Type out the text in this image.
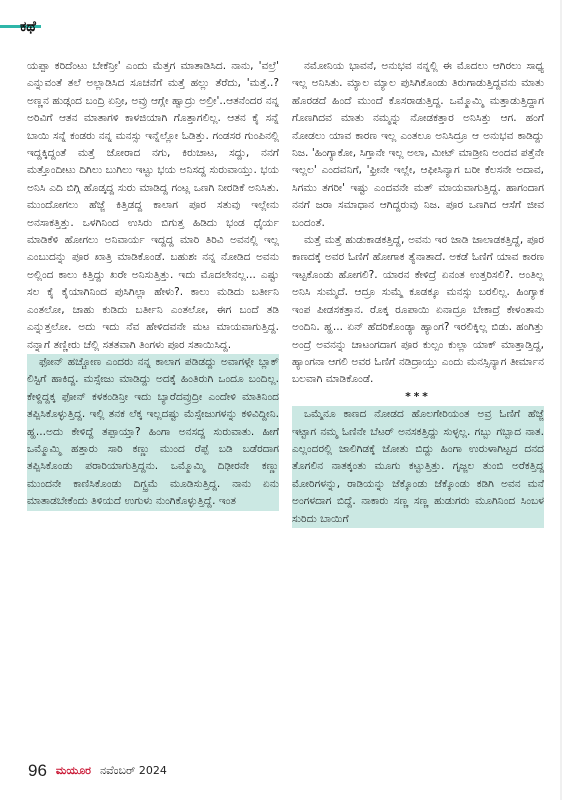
ಕಥೆ

ಯಪ್ಪಾ ಕರಿದೆಂಟು ಬೇಕೆನ್ರೀ' ಎಂದು ಮೆತ್ತಗ ಮಾತಾಡಿಸಿದ. ನಾನು, 'ವಲ್ರೆ' ಎನ್ನುವಂತೆ ತಲೆ ಅಲ್ಲಾಡಿಸಿದ ಸೂಚನೆಗೆ ಮತ್ತೆ ಹಲ್ಲು ತೆರೆದು, 'ಮತ್ತೆ..? ಅಣ್ಣನ ಹುಡ್ಗಂದ ಬಂದ್ರಿ ಏನ್ರೀ, ಅವ್ರು ಆಗ್ಲೇ ಹ್ವಾದ್ರು ಅಲ್ರೀ'..ಆತನೆಂದರ ನನ್ನ ಅರಿವಿಗೆ ಆತನ ಮಾತಾಗಳಿ ಕಾಳಜಿಯಾಗಿ ಗೊತ್ತಾಗಲಿಲ್ಲ. ಆತನ ಕೈ ಸನ್ನೆ ಬಾಯಿ ಸನ್ನೆ ಕಂಡರು ನನ್ನ ಮನಸ್ಸು ಇನ್ನೆಲ್ಲೋ ಓಡಿತ್ತು. ಗಂಡಸರ ಗುಂಪಿನಲ್ಲಿ ಇದ್ದಕ್ಕಿದ್ದಂತೆ ಮತ್ತೆ ಜೋರಾದ ನಗು, ಕಿರುಚಾಟ, ಸದ್ದು, ನನಗೆ ಮತ್ತೊಂದೀಟು ದಿಗಿಲು ಬುಗಿಲು ಇಟ್ಟು ಭಯ ಅನಿಸದ್ದ ಸುರುವಾಯ್ತು. ಭಯ ಅನಿಸಿ ಎದಿ ಬಿಗ್ಗಿ ಹೊಡ್ಕದ್ದ ಸುರು ಮಾಡಿದ್ದ ಗಂಟ್ಲ ಒಣಗಿ ನೀರಡಿಕೆ ಅನಿಸಿತು. ಮುಂದೋಗಲು ಹೆಜ್ಜೆ ಕಿತ್ತಿಡದ್ದ ಕಾಲಾಗ ಪೂರ ಸತುವು ಇಲ್ಲೇನು ಅನಸಾಕತ್ತಿತ್ತು. ಒಳಗಿನಿಂದ ಉಸಿರು ಬಿಗುತ್ತ ಹಿಡಿದು ಭಂಡ ಧೈರ್ಯ ಮಾಡಿಕೆಳಿ ಹೋಗಲು ಅನಿವಾರ್ಯ ಇದ್ದದ್ದ ಮಾರಿ ತಿರಿವಿ ಅವನಲ್ಲಿ ಇಲ್ಲ ಎಂಬುದನ್ನು ಪೂರ ಖಾತ್ರಿ ಮಾಡಿಕೊಂಡೆ. ಬಹುಶಃ ನನ್ನ ನೋಡಿದ ಅವನು ಅಲ್ಲಿಂದ ಕಾಲು ಕಿತ್ತಿದ್ದು ಖರೇ ಅನಿಸುತ್ತಿತ್ತು. ಇದು ಮೊದಲೇನಲ್ಲ... ಎಷ್ಟು ಸಲ ಕೈ ಕೈಯಾಗಿನಿಂದ ಪುಸಿಗಿಲ್ಲಾ ಹೇಳು?. ಕಾಲು ಮಡಿದು ಬರ್ತೀನಿ ಎಂತಲೋ, ಚಾಹು ಕುಡಿದು ಬರ್ತೀನಿ ಎಂತಲೋ, ಈಗ ಬಂದೆ ತಡಿ ಎನ್ನುತ್ತಲೋ. ಅದು ಇದು ನೆವ ಹೇಳಿದವನೇ ಮಟ ಮಾಯವಾಗುತ್ತಿದ್ದ. ನನ್ನಾಗೆ ತಣ್ಣೀರು ಚೆಲ್ಲಿ ಸತತವಾಗಿ ತಿಂಗಳು ಪೂರ ಸತಾಯಿಸಿದ್ದ.

ಫೋನ್ ಹಚ್ಚೋಣ ಎಂದರು ನನ್ನ ಕಾಲಾಗ ಪಡಿಡದ್ದು ಅವಾಗಳ್ಗೇ ಬ್ಲಾಕ್ ಲಿಸ್ಟಿಗೆ ಹಾಕಿದ್ದ. ಮಸ್ಸೇಜು ಮಾಡಿದ್ದು ಅದಕ್ಕೆ ಹಿಂತಿರುಗಿ ಒಂದೂ ಬಂದಿಲ್ಲ. ಕೇಳ್ದಿದ್ದಕ್ಕ ಫೋನ್ ಕಳಕಂಡಿನ್ರೀ ಇದು ಬ್ಯಾರೆದವ್ರುದ್ರೀ ಎಂದೇಳಿ ಮಾತಿನಿಂದ ತಪ್ಪಿಸಿಕೊಳ್ಳುತ್ತಿದ್ದ. ಇಲ್ಲಿ ತನಕ ಲೆಕ್ಕ ಇಲ್ಲದಷ್ಟು ಮೆಸ್ಸೇಜುಗಳನ್ನು ಕಳಿವಿದ್ದೀನಿ. ಹ್ಹ...ಅದು ಕೇಳಿದ್ದೆ ತಪ್ಪಾಯ್ತಾ? ಹಿಂಗಾ ಅನಸದ್ದ ಸುರುವಾತು. ಹೀಗೆ ಒಮ್ಮೊಮ್ಮಿ ಹತ್ತಾರು ಸಾರಿ ಕಣ್ಣು ಮುಂದ ರೆಪ್ಪೆ ಬಡಿ ಬಡೆರದಾಗ ತಪ್ಪಿಸಿಕೊಂಡು ಪರಾರಿಯಾಗುತ್ತಿದ್ದನು. ಒಮ್ಮೊಮ್ಮಿ ದಿಢೀರನೇ ಕಣ್ಣು ಮುಂದನೇ ಕಾಣಿಸಿಕೊಂಡು ದಿಗ್ಭ್ರಮೆ ಮೂಡಿಸುತ್ತಿದ್ದ. ನಾನು ಏನು ಮಾತಾಡಬೇಕೆಂದು ತಿಳಿಯದೆ ಉಗುಳು ನುಂಗಿಕೊಳ್ಳುತ್ತಿದ್ದೆ. ಇಂತ

ನಮೋನಿಯ ಭಾವನೆ, ಅನುಭವ ನನ್ನಲ್ಲಿ ಈ ಮೊದಲು ಆಗಿರಲು ಸಾಧ್ಯ ಇಲ್ಲ ಅನಿಸಿತು. ಮ್ಯಾಲ ಮ್ಯಾಲ ಪುಸಿಗಿಕೊಂಡು ತಿರುಗಾಡುತ್ತಿದ್ದವನು ಮಾತು ಹೊರಡದೆ ಹಿಂದೆ ಮುಂದೆ ಕೊಸರಾಡುತ್ತಿದ್ದ. ಒಮ್ಮೊಮ್ಮಿ ಮತ್ತಾಡುತ್ತಿದ್ದಾಗ ಗೊಣಗಿದವ ಮಾತು ನಮ್ಮನ್ನು ನೋಡಕತ್ತಾರ ಅನಿಸಿತ್ತು ಆಗ. ಹಂಗೆ ನೋಡಲು ಯಾವ ಕಾರಣ ಇಲ್ಲ ಎಂತಲೂ ಅನಿಸಿದ್ರೂ ಆ ಅನುಭವ ಕಾಡಿದ್ದು ನಿಜ. 'ಹಿಂಗ್ಯಾಕೋ, ಸಿಗ್ತಾನೇ ಇಲ್ಲ ಅಲಾ, ಮೀಟ್ ಮಾಡ್ರೀನಿ ಅಂದವ ಪತ್ತೆನೇ ಇಲ್ಲಲ' ಎಂದವನಿಗೆ, 'ಫ್ರೀನೇ ಇಲ್ಲೇ, ಆಫೀಸಿನ್ಯಾಗ ಬರೀ ಕೆಲಸನೇ ಅದಾವ, ಸಿಗಮು ತಗರೀ' ಇಷ್ಟು ಎಂದವನೇ ಮತ್ ಮಾಯವಾಗುತ್ತಿದ್ದ. ಹಾಗಂದಾಗ ನನಗೆ ಜರಾ ಸಮಾಧಾನ ಆಗಿದ್ದರುವು ನಿಜ. ಪೂರ ಒಣಗಿದ ಆಸೆಗೆ ಜೀವ ಬಂದಂತೆ.

ಮತ್ತೆ ಮತ್ತೆ ಹುಡುಕಾಡಕತ್ತಿದ್ದೆ, ಅವನು ಇರ ಜಾಡಿ ಜಾಲಾಡಕತ್ತಿದ್ದೆ, ಪೂರ ಕಾಣದಕ್ಕೆ ಅವರ ಓಣಿಗೆ ಹೋಗಾಕ ತ್ಯೆನಾತಾದೆ. ಅಕಡೆ ಓಣಿಗೆ ಯಾವ ಕಾರಣ ಇಟ್ಟಕೊಂಡು ಹೋಗಲಿ?. ಯಾರನ ಕೇಳಿದ್ರೆ ಏನಂತ ಉತ್ತರಿಸಲಿ?. ಅಂತಿಲ್ಲ ಅನಿಸಿ ಸುಮ್ಮದೆ. ಆದ್ರೂ ಸುಮ್ಮೆ ಕೂಡಕ್ಕೂ ಮನಸ್ಸು ಬರಲಿಲ್ಲ. ಹಿಂಗ್ಯಾಕ ಇಂಪ ಪೀಡಸಕತ್ತಾನ. ರೊಕ್ಕ ರೂಪಾಯಿ ಏನಾದ್ರೂ ಬೇಕಾದ್ರೆ ಕೇಳಂತಾನು ಅಂದಿನಿ. ಹ್ಹ... ಏನ್ ಹೆದರಿಕೊಂಡ್ಯಾ ಹ್ಯಾಂಗ? ಇರಲಿಕ್ಕಿಲ್ಲ ಬಿಡು. ಹಂಗಿತ್ತು ಅಂದ್ರೆ ಅವನನ್ನು ಚಾಟಂಗದಾಗ ಪೂರ ಕುಲ್ಪಂ ಕುಲ್ಲಾ ಯಾಕ್ ಮಾತ್ತಾಡ್ತಿದ್ದ, ಹ್ಯಾಂಗನಾ ಆಗಲಿ ಅವರ ಓಣಿಗೆ ನಡಿದ್ರಾಯ್ತು ಎಂದು ಮನಸ್ಸಿನ್ಯಾಗ ತೀರ್ಮಾನ ಬಲವಾಗಿ ಮಾಡಿಕೊಂಡೆ.

***

ಒಮ್ಮೆನೂ ಕಾಣದ ನೋಡದ ಹೊಲಗೇರಿಯಂತ ಅವ್ರ ಓಣಿಗೆ ಹೆಜ್ಜೆ ಇಟ್ಟಾಗ ನಮ್ಮ ಓಣಿನೇ ಬೆಟರ್ ಅನಸಕತ್ತಿದ್ದು ಸುಳ್ಳಲ್ಲ. ಗಬ್ಬು ಗಬ್ಬಾದ ನಾತ. ಎಲ್ಲಂದರಲ್ಲಿ ಜಾಲಿಗಿಡಕ್ಕೆ ಜೋತು ಬಿದ್ದು ಹಿಂಗಾ ಉರುಳಾಗಿಟ್ಟದ ದನದ ತೊಗಲಿನ ನಾತಕ್ಕಂತು ಮೂಗು ಕಟ್ಟುತ್ತಿತ್ತು. ಗೃಜ್ಜಲ ತುಂಬಿ ಅರೆಕತ್ತಿದ್ದ ಮೋರಿಗಳನ್ನು, ರಾಡಿಯನ್ನು ಜೆಕ್ಕೊಂಡು ಜೆಕ್ಕೊಂಡು ಕಡಿಗಿ ಅವನ ಮನೆ ಅಂಗಳದಾಗ ಬಿದ್ದೆ. ನಾಕಾರು ಸಣ್ಣ ಸಣ್ಣ ಹುಡುಗರು ಮೂಗಿನಿಂದ ಸಿಂಬಳ ಸುರಿದು ಬಾಯಿಗೆ

96 ಮಯೂರ ನವೆಂಬರ್ 2024
